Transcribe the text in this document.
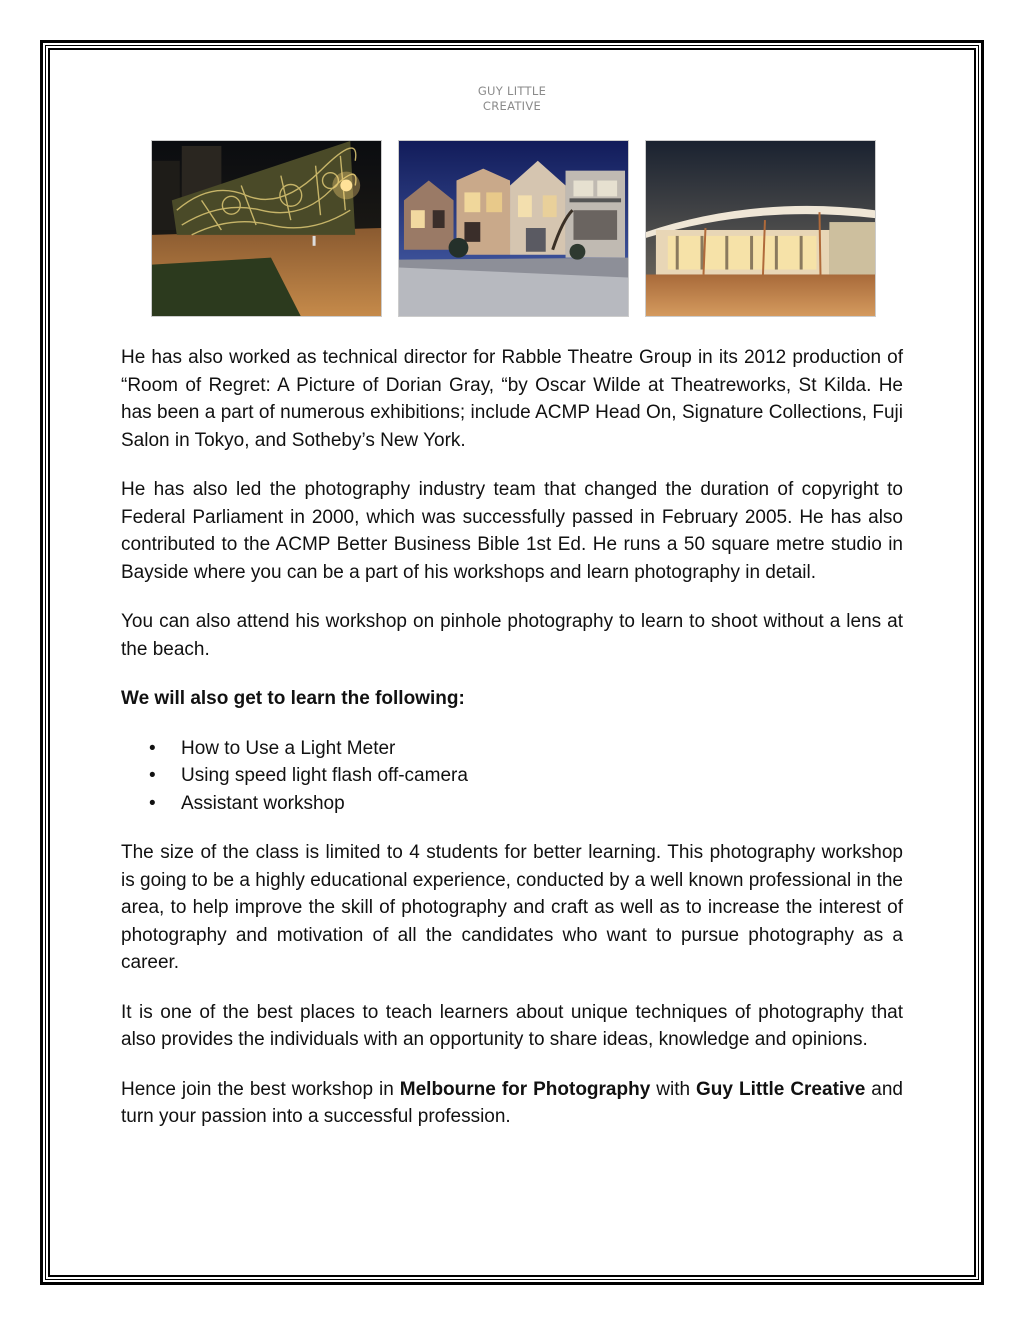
GUY LITTLE
CREATIVE

He has also worked as technical director for Rabble Theatre Group in its 2012 production of “Room of Regret: A Picture of Dorian Gray, “by Oscar Wilde at Theatreworks, St Kilda. He has been a part of numerous exhibitions; include ACMP Head On, Signature Collections, Fuji Salon in Tokyo, and Sotheby’s New York.

He has also led the photography industry team that changed the duration of copyright to Federal Parliament in 2000, which was successfully passed in February 2005. He has also contributed to the ACMP Better Business Bible 1st Ed. He runs a 50 square metre studio in Bayside where you can be a part of his workshops and learn photography in detail.

You can also attend his workshop on pinhole photography to learn to shoot without a lens at the beach.

We will also get to learn the following:

• How to Use a Light Meter
• Using speed light flash off-camera
• Assistant workshop

The size of the class is limited to 4 students for better learning. This photography workshop is going to be a highly educational experience, conducted by a well known professional in the area, to help improve the skill of photography and craft as well as to increase the interest of photography and motivation of all the candidates who want to pursue photography as a career.

It is one of the best places to teach learners about unique techniques of photography that also provides the individuals with an opportunity to share ideas, knowledge and opinions.

Hence join the best workshop in Melbourne for Photography with Guy Little Creative and turn your passion into a successful profession.
